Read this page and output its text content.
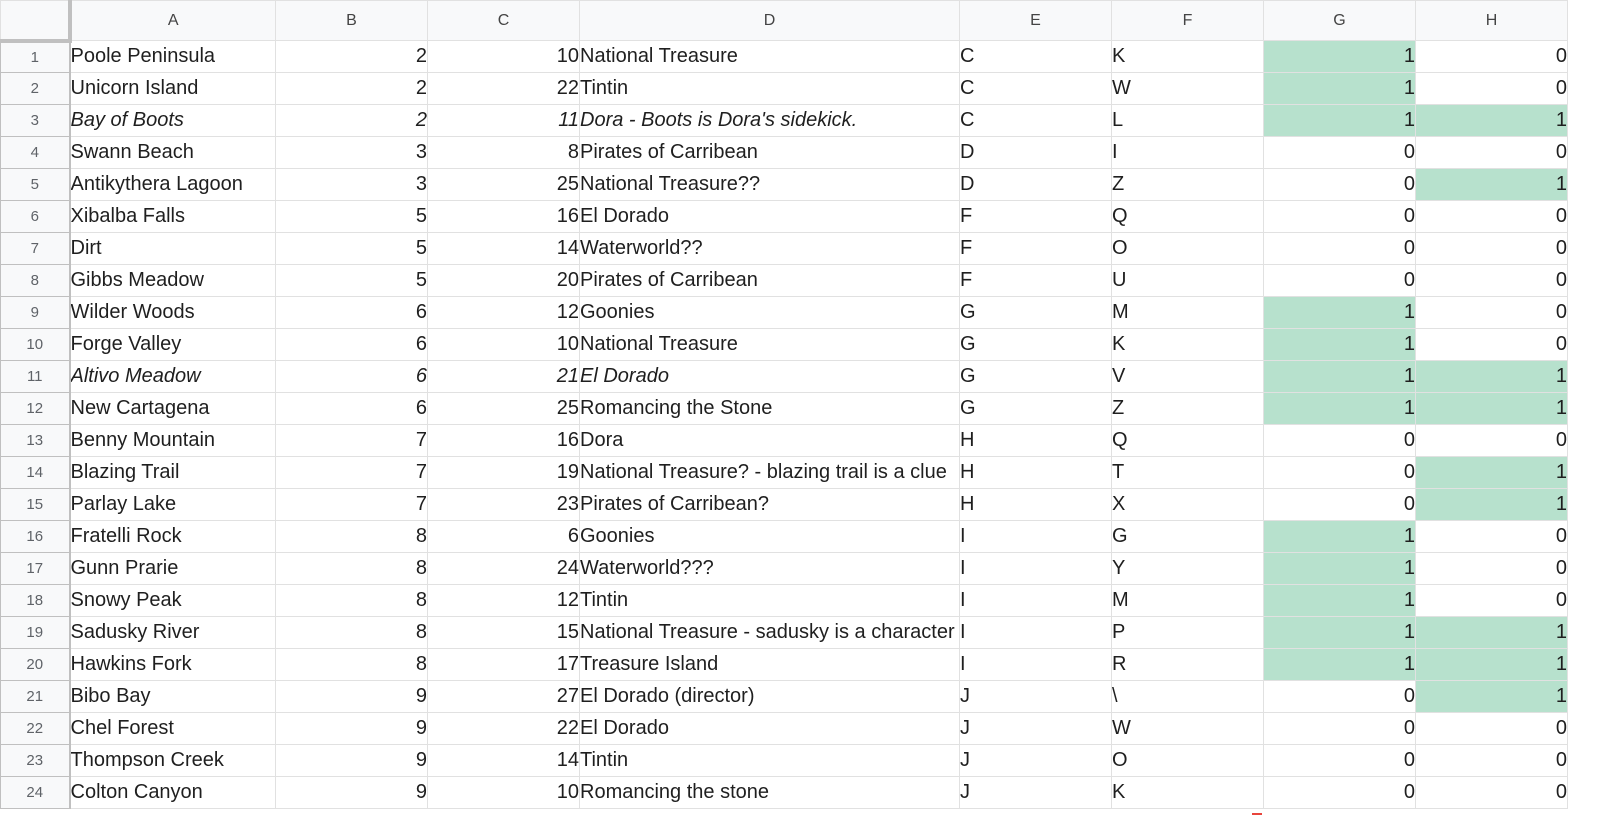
	A	B	C	D	E	F	G	H
1	Poole Peninsula	2	10	National Treasure	C	K	1	0
2	Unicorn Island	2	22	Tintin	C	W	1	0
3	Bay of Boots	2	11	Dora - Boots is Dora's sidekick.	C	L	1	1
4	Swann Beach	3	8	Pirates of Carribean	D	I	0	0
5	Antikythera Lagoon	3	25	National Treasure??	D	Z	0	1
6	Xibalba Falls	5	16	El Dorado	F	Q	0	0
7	Dirt	5	14	Waterworld??	F	O	0	0
8	Gibbs Meadow	5	20	Pirates of Carribean	F	U	0	0
9	Wilder Woods	6	12	Goonies	G	M	1	0
10	Forge Valley	6	10	National Treasure	G	K	1	0
11	Altivo Meadow	6	21	El Dorado	G	V	1	1
12	New Cartagena	6	25	Romancing the Stone	G	Z	1	1
13	Benny Mountain	7	16	Dora	H	Q	0	0
14	Blazing Trail	7	19	National Treasure? - blazing trail is a clue	H	T	0	1
15	Parlay Lake	7	23	Pirates of Carribean?	H	X	0	1
16	Fratelli Rock	8	6	Goonies	I	G	1	0
17	Gunn Prarie	8	24	Waterworld???	I	Y	1	0
18	Snowy Peak	8	12	Tintin	I	M	1	0
19	Sadusky River	8	15	National Treasure - sadusky is a character	I	P	1	1
20	Hawkins Fork	8	17	Treasure Island	I	R	1	1
21	Bibo Bay	9	27	El Dorado (director)	J	\	0	1
22	Chel Forest	9	22	El Dorado	J	W	0	0
23	Thompson Creek	9	14	Tintin	J	O	0	0
24	Colton Canyon	9	10	Romancing the stone	J	K	0	0
